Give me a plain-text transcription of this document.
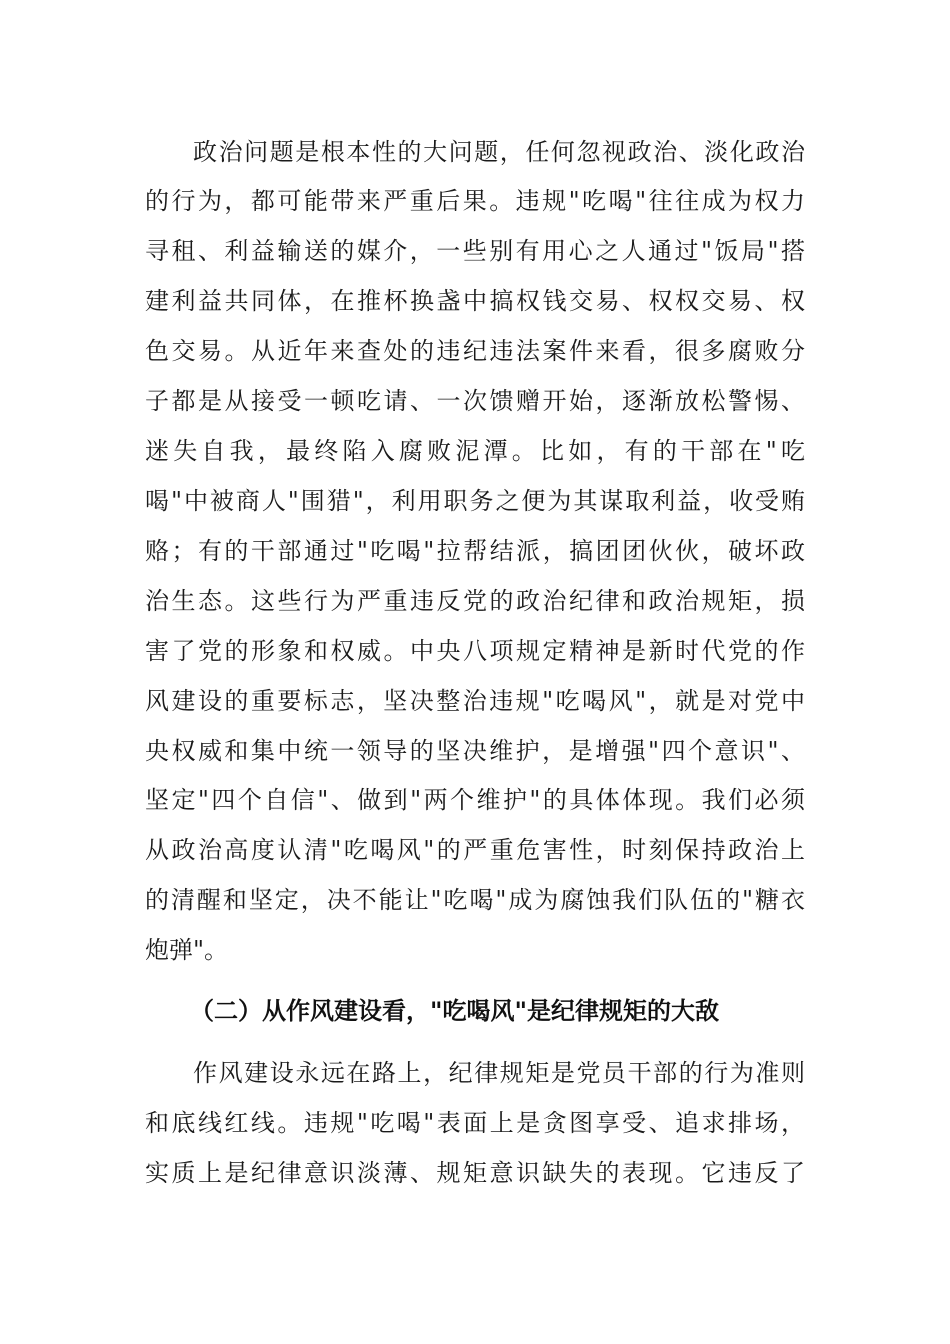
政治问题是根本性的大问题，任何忽视政治、淡化政治
的行为，都可能带来严重后果。违规"吃喝"往往成为权力
寻租、利益输送的媒介，一些别有用心之人通过"饭局"搭
建利益共同体，在推杯换盏中搞权钱交易、权权交易、权
色交易。从近年来查处的违纪违法案件来看，很多腐败分
子都是从接受一顿吃请、一次馈赠开始，逐渐放松警惕、
迷失自我，最终陷入腐败泥潭。比如，有的干部在"吃
喝"中被商人"围猎"，利用职务之便为其谋取利益，收受贿
赂；有的干部通过"吃喝"拉帮结派，搞团团伙伙，破坏政
治生态。这些行为严重违反党的政治纪律和政治规矩，损
害了党的形象和权威。中央八项规定精神是新时代党的作
风建设的重要标志，坚决整治违规"吃喝风"，就是对党中
央权威和集中统一领导的坚决维护，是增强"四个意识"、
坚定"四个自信"、做到"两个维护"的具体体现。我们必须
从政治高度认清"吃喝风"的严重危害性，时刻保持政治上
的清醒和坚定，决不能让"吃喝"成为腐蚀我们队伍的"糖衣
炮弹"。
（二）从作风建设看，"吃喝风"是纪律规矩的大敌
作风建设永远在路上，纪律规矩是党员干部的行为准则
和底线红线。违规"吃喝"表面上是贪图享受、追求排场，
实质上是纪律意识淡薄、规矩意识缺失的表现。它违反了
